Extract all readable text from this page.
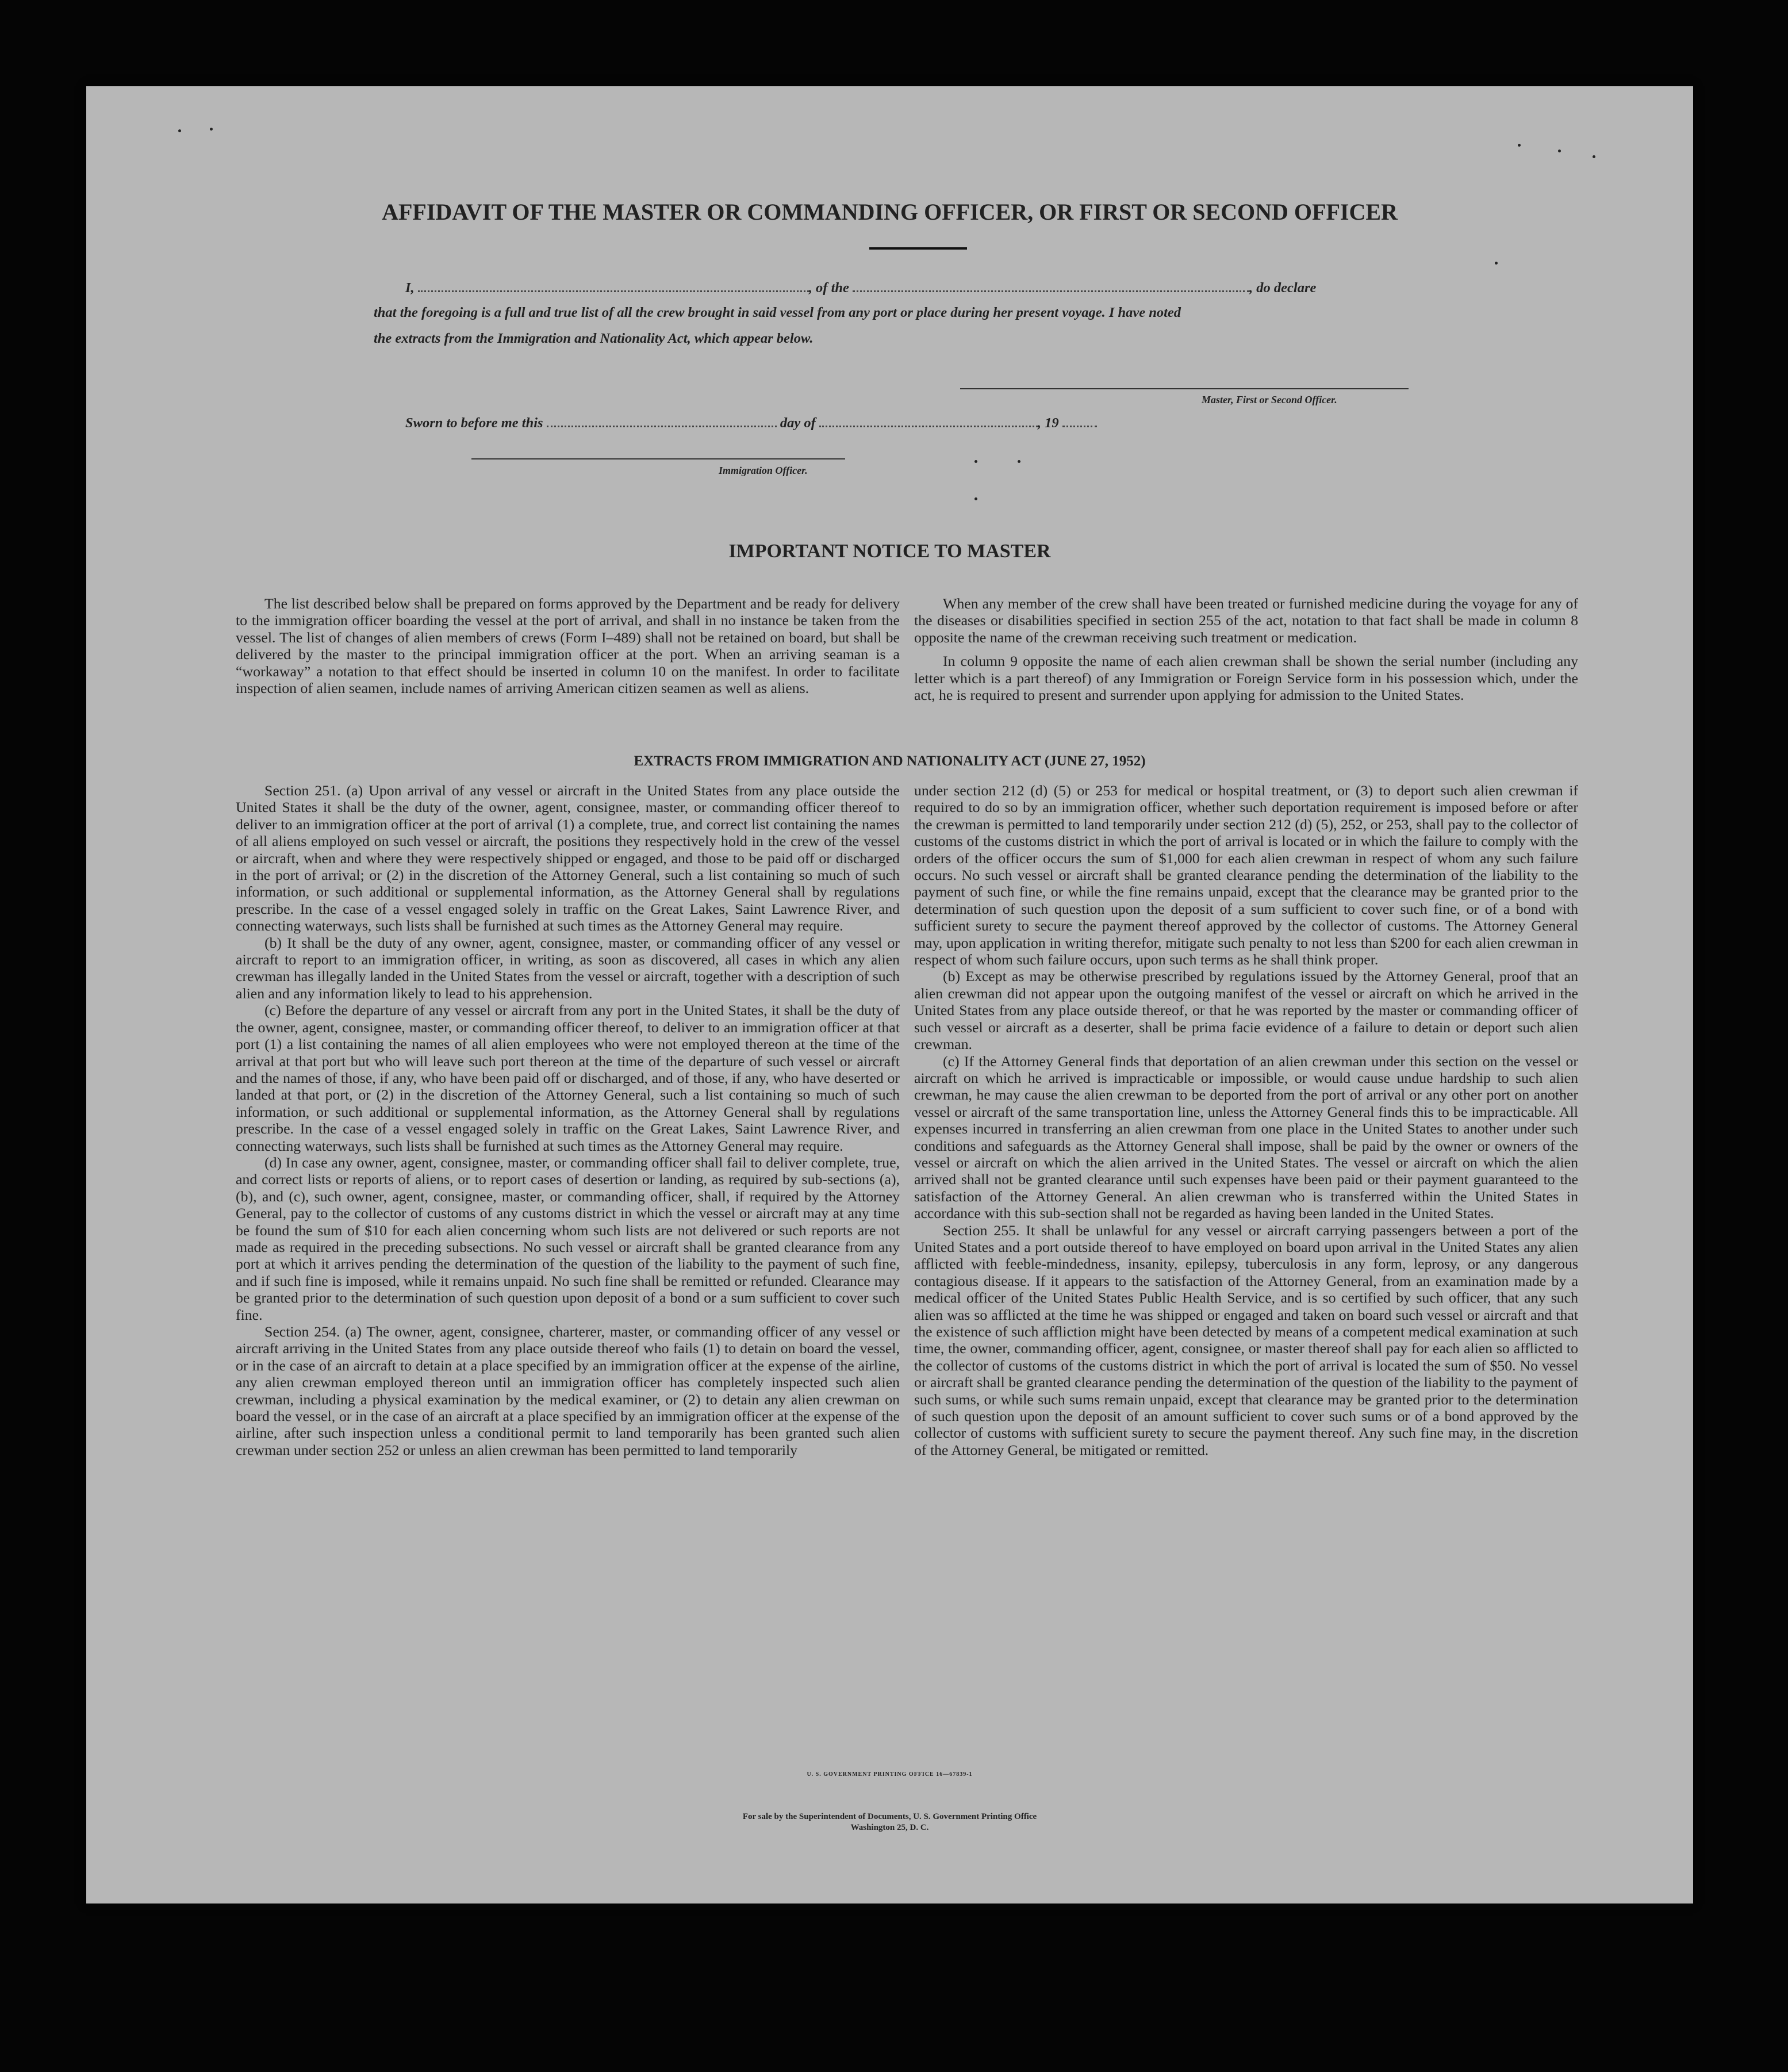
AFFIDAVIT OF THE MASTER OR COMMANDING OFFICER, OR FIRST OR SECOND OFFICER
I,	, of the	, do declare
that the foregoing is a full and true list of all the crew brought in said vessel from any port or place during her present voyage. I have noted
the extracts from the Immigration and Nationality Act, which appear below.
Master, First or Second Officer.
Sworn to before me this	day of	, 19
Immigration Officer.
IMPORTANT NOTICE TO MASTER

The list described below shall be prepared on forms approved by the Department and be ready for delivery to the immigration officer boarding the vessel at the port of arrival, and shall in no instance be taken from the vessel. The list of changes of alien members of crews (Form I–489) shall not be retained on board, but shall be delivered by the master to the principal immigration officer at the port. When an arriving seaman is a “workaway” a notation to that effect should be inserted in column 10 on the manifest. In order to facilitate inspection of alien seamen, include names of arriving American citizen seamen as well as aliens.

When any member of the crew shall have been treated or furnished medicine during the voyage for any of the diseases or disabilities specified in section 255 of the act, notation to that fact shall be made in column 8 opposite the name of the crewman receiving such treatment or medication.

In column 9 opposite the name of each alien crewman shall be shown the serial number (including any letter which is a part thereof) of any Immigration or Foreign Service form in his possession which, under the act, he is required to present and surrender upon applying for admission to the United States.

EXTRACTS FROM IMMIGRATION AND NATIONALITY ACT (JUNE 27, 1952)

Section 251. (a) Upon arrival of any vessel or aircraft in the United States from any place outside the United States it shall be the duty of the owner, agent, consignee, master, or commanding officer thereof to deliver to an immigration officer at the port of arrival (1) a complete, true, and correct list containing the names of all aliens employed on such vessel or aircraft, the positions they respectively hold in the crew of the vessel or aircraft, when and where they were respectively shipped or engaged, and those to be paid off or discharged in the port of arrival; or (2) in the discretion of the Attorney General, such a list containing so much of such information, or such additional or supplemental information, as the Attorney General shall by regulations prescribe. In the case of a vessel engaged solely in traffic on the Great Lakes, Saint Lawrence River, and connecting waterways, such lists shall be furnished at such times as the Attorney General may require.

(b) It shall be the duty of any owner, agent, consignee, master, or commanding officer of any vessel or aircraft to report to an immigration officer, in writing, as soon as discovered, all cases in which any alien crewman has illegally landed in the United States from the vessel or aircraft, together with a description of such alien and any information likely to lead to his apprehension.

(c) Before the departure of any vessel or aircraft from any port in the United States, it shall be the duty of the owner, agent, consignee, master, or commanding officer thereof, to deliver to an immigration officer at that port (1) a list containing the names of all alien employees who were not employed thereon at the time of the arrival at that port but who will leave such port thereon at the time of the departure of such vessel or aircraft and the names of those, if any, who have been paid off or discharged, and of those, if any, who have deserted or landed at that port, or (2) in the discretion of the Attorney General, such a list containing so much of such information, or such additional or supplemental information, as the Attorney General shall by regulations prescribe. In the case of a vessel engaged solely in traffic on the Great Lakes, Saint Lawrence River, and connecting waterways, such lists shall be furnished at such times as the Attorney General may require.

(d) In case any owner, agent, consignee, master, or commanding officer shall fail to deliver complete, true, and correct lists or reports of aliens, or to report cases of desertion or landing, as required by sub-sections (a), (b), and (c), such owner, agent, consignee, master, or commanding officer, shall, if required by the Attorney General, pay to the collector of customs of any customs district in which the vessel or aircraft may at any time be found the sum of $10 for each alien concerning whom such lists are not delivered or such reports are not made as required in the preceding subsections. No such vessel or aircraft shall be granted clearance from any port at which it arrives pending the determination of the question of the liability to the payment of such fine, and if such fine is imposed, while it remains unpaid. No such fine shall be remitted or refunded. Clearance may be granted prior to the determination of such question upon deposit of a bond or a sum sufficient to cover such fine.

Section 254. (a) The owner, agent, consignee, charterer, master, or commanding officer of any vessel or aircraft arriving in the United States from any place outside thereof who fails (1) to detain on board the vessel, or in the case of an aircraft to detain at a place specified by an immigration officer at the expense of the airline, any alien crewman employed thereon until an immigration officer has completely inspected such alien crewman, including a physical examination by the medical examiner, or (2) to detain any alien crewman on board the vessel, or in the case of an aircraft at a place specified by an immigration officer at the expense of the airline, after such inspection unless a conditional permit to land temporarily has been granted such alien crewman under section 252 or unless an alien crewman has been permitted to land temporarily

under section 212 (d) (5) or 253 for medical or hospital treatment, or (3) to deport such alien crewman if required to do so by an immigration officer, whether such deportation requirement is imposed before or after the crewman is permitted to land temporarily under section 212 (d) (5), 252, or 253, shall pay to the collector of customs of the customs district in which the port of arrival is located or in which the failure to comply with the orders of the officer occurs the sum of $1,000 for each alien crewman in respect of whom any such failure occurs. No such vessel or aircraft shall be granted clearance pending the determination of the liability to the payment of such fine, or while the fine remains unpaid, except that the clearance may be granted prior to the determination of such question upon the deposit of a sum sufficient to cover such fine, or of a bond with sufficient surety to secure the payment thereof approved by the collector of customs. The Attorney General may, upon application in writing therefor, mitigate such penalty to not less than $200 for each alien crewman in respect of whom such failure occurs, upon such terms as he shall think proper.

(b) Except as may be otherwise prescribed by regulations issued by the Attorney General, proof that an alien crewman did not appear upon the outgoing manifest of the vessel or aircraft on which he arrived in the United States from any place outside thereof, or that he was reported by the master or commanding officer of such vessel or aircraft as a deserter, shall be prima facie evidence of a failure to detain or deport such alien crewman.

(c) If the Attorney General finds that deportation of an alien crewman under this section on the vessel or aircraft on which he arrived is impracticable or impossible, or would cause undue hardship to such alien crewman, he may cause the alien crewman to be deported from the port of arrival or any other port on another vessel or aircraft of the same transportation line, unless the Attorney General finds this to be impracticable. All expenses incurred in transferring an alien crewman from one place in the United States to another under such conditions and safeguards as the Attorney General shall impose, shall be paid by the owner or owners of the vessel or aircraft on which the alien arrived in the United States. The vessel or aircraft on which the alien arrived shall not be granted clearance until such expenses have been paid or their payment guaranteed to the satisfaction of the Attorney General. An alien crewman who is transferred within the United States in accordance with this sub-section shall not be regarded as having been landed in the United States.

Section 255. It shall be unlawful for any vessel or aircraft carrying passengers between a port of the United States and a port outside thereof to have employed on board upon arrival in the United States any alien afflicted with feeble-mindedness, insanity, epilepsy, tuberculosis in any form, leprosy, or any dangerous contagious disease. If it appears to the satisfaction of the Attorney General, from an examination made by a medical officer of the United States Public Health Service, and is so certified by such officer, that any such alien was so afflicted at the time he was shipped or engaged and taken on board such vessel or aircraft and that the existence of such affliction might have been detected by means of a competent medical examination at such time, the owner, commanding officer, agent, consignee, or master thereof shall pay for each alien so afflicted to the collector of customs of the customs district in which the port of arrival is located the sum of $50. No vessel or aircraft shall be granted clearance pending the determination of the question of the liability to the payment of such sums, or while such sums remain unpaid, except that clearance may be granted prior to the determination of such question upon the deposit of an amount sufficient to cover such sums or of a bond approved by the collector of customs with sufficient surety to secure the payment thereof. Any such fine may, in the discretion of the Attorney General, be mitigated or remitted.

U. S. GOVERNMENT PRINTING OFFICE 16—67839-1
For sale by the Superintendent of Documents, U. S. Government Printing Office
Washington 25, D. C.
